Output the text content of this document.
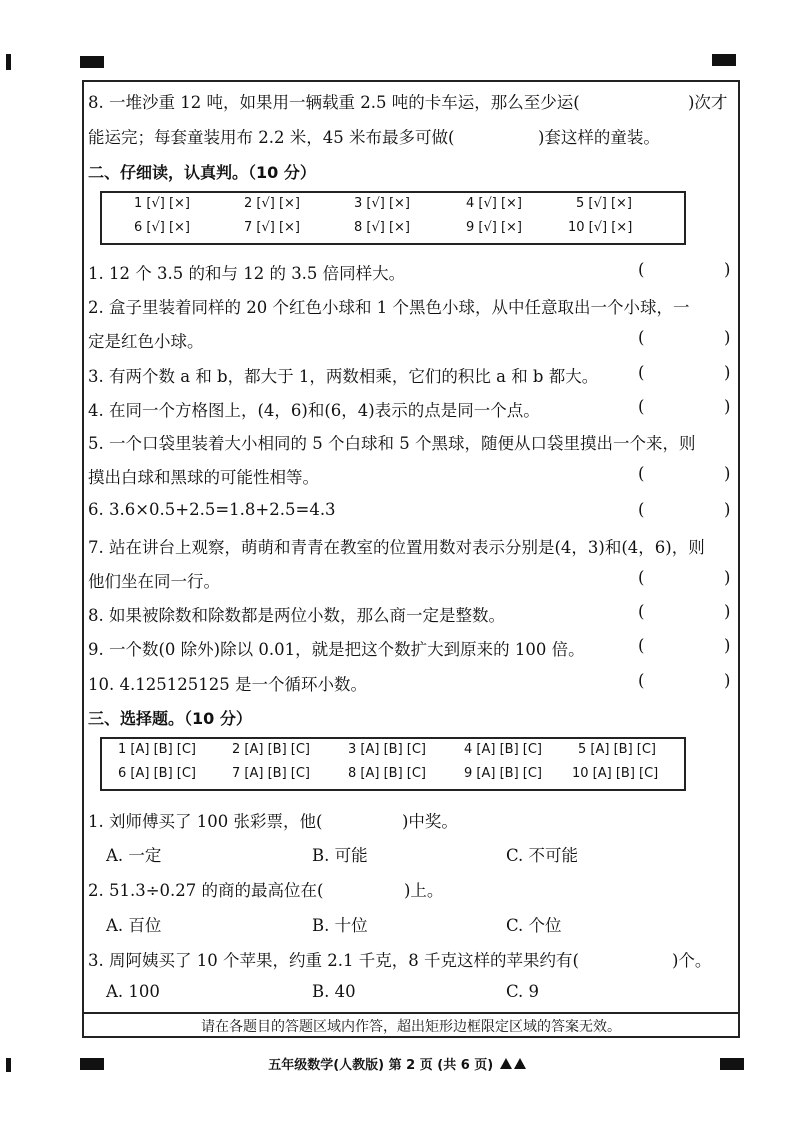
8. 一堆沙重 12 吨，如果用一辆载重 2.5 吨的卡车运，那么至少运(	)次才
能运完；每套童装用布 2.2 米，45 米布最多可做(	)套这样的童装。
二、仔细读，认真判。（10 分）
1 [√] [×]	2 [√] [×]	3 [√] [×]	4 [√] [×]	5 [√] [×]
6 [√] [×]	7 [√] [×]	8 [√] [×]	9 [√] [×]	10 [√] [×]
1. 12 个 3.5 的和与 12 的 3.5 倍同样大。	(	)
2. 盒子里装着同样的 20 个红色小球和 1 个黑色小球，从中任意取出一个小球，一
定是红色小球。	(	)
3. 有两个数 a 和 b，都大于 1，两数相乘，它们的积比 a 和 b 都大。 (	)
4. 在同一个方格图上，(4，6)和(6，4)表示的点是同一个点。	(	)
5. 一个口袋里装着大小相同的 5 个白球和 5 个黑球，随便从口袋里摸出一个来，则
摸出白球和黑球的可能性相等。	(	)
6. 3.6×0.5+2.5=1.8+2.5=4.3	(	)
7. 站在讲台上观察，萌萌和青青在教室的位置用数对表示分别是(4，3)和(4，6)，则
他们坐在同一行。	(	)
8. 如果被除数和除数都是两位小数，那么商一定是整数。	(	)
9. 一个数(0 除外)除以 0.01，就是把这个数扩大到原来的 100 倍。	(	)
10. 4.125125125 是一个循环小数。	(	)
三、选择题。（10 分）
1 [A] [B] [C]	2 [A] [B] [C]	3 [A] [B] [C]	4 [A] [B] [C]	5 [A] [B] [C]
6 [A] [B] [C]	7 [A] [B] [C]	8 [A] [B] [C]	9 [A] [B] [C] 10 [A] [B] [C]
1. 刘师傅买了 100 张彩票，他(	)中奖。
A. 一定	B. 可能	C. 不可能
2. 51.3÷0.27 的商的最高位在(	)上。
A. 百位	B. 十位	C. 个位
3. 周阿姨买了 10 个苹果，约重 2.1 千克，8 千克这样的苹果约有(	)个。
A. 100	B. 40	C. 9
请在各题目的答题区域内作答，超出矩形边框限定区域的答案无效。
五年级数学(人教版) 第 2 页 (共 6 页)
